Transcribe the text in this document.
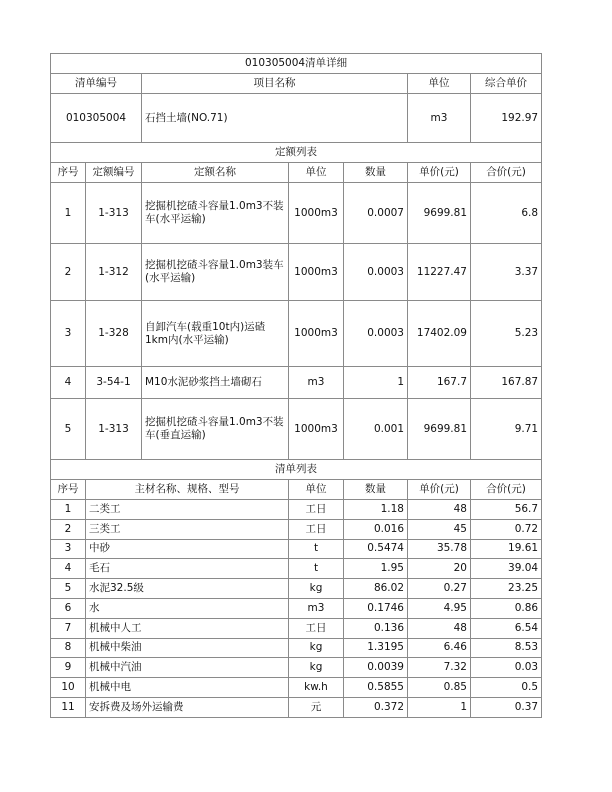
010305004清单详细						
清单编号		项目名称			单位	综合单价
010305004		石挡土墙(NO.71)			m3	192.97
定额列表						
序号	定额编号	定额名称	单位	数量	单价(元)	合价(元)
1	1-313	挖掘机挖碴斗容量1.0m3不装车(水平运输)	1000m3	0.0007	9699.81	6.8
2	1-312	挖掘机挖碴斗容量1.0m3装车(水平运输)	1000m3	0.0003	11227.47	3.37
3	1-328	自卸汽车(载重10t内)运碴1km内(水平运输)	1000m3	0.0003	17402.09	5.23
4	3-54-1	M10水泥砂浆挡土墙砌石	m3	1	167.7	167.87
5	1-313	挖掘机挖碴斗容量1.0m3不装车(垂直运输)	1000m3	0.001	9699.81	9.71
清单列表						
序号	主材名称、规格、型号		单位	数量	单价(元)	合价(元)
1	二类工		工日	1.18	48	56.7
2	三类工		工日	0.016	45	0.72
3	中砂		t	0.5474	35.78	19.61
4	毛石		t	1.95	20	39.04
5	水泥32.5级		kg	86.02	0.27	23.25
6	水		m3	0.1746	4.95	0.86
7	机械中人工		工日	0.136	48	6.54
8	机械中柴油		kg	1.3195	6.46	8.53
9	机械中汽油		kg	0.0039	7.32	0.03
10	机械中电		kw.h	0.5855	0.85	0.5
11	安拆费及场外运输费		元	0.372	1	0.37
